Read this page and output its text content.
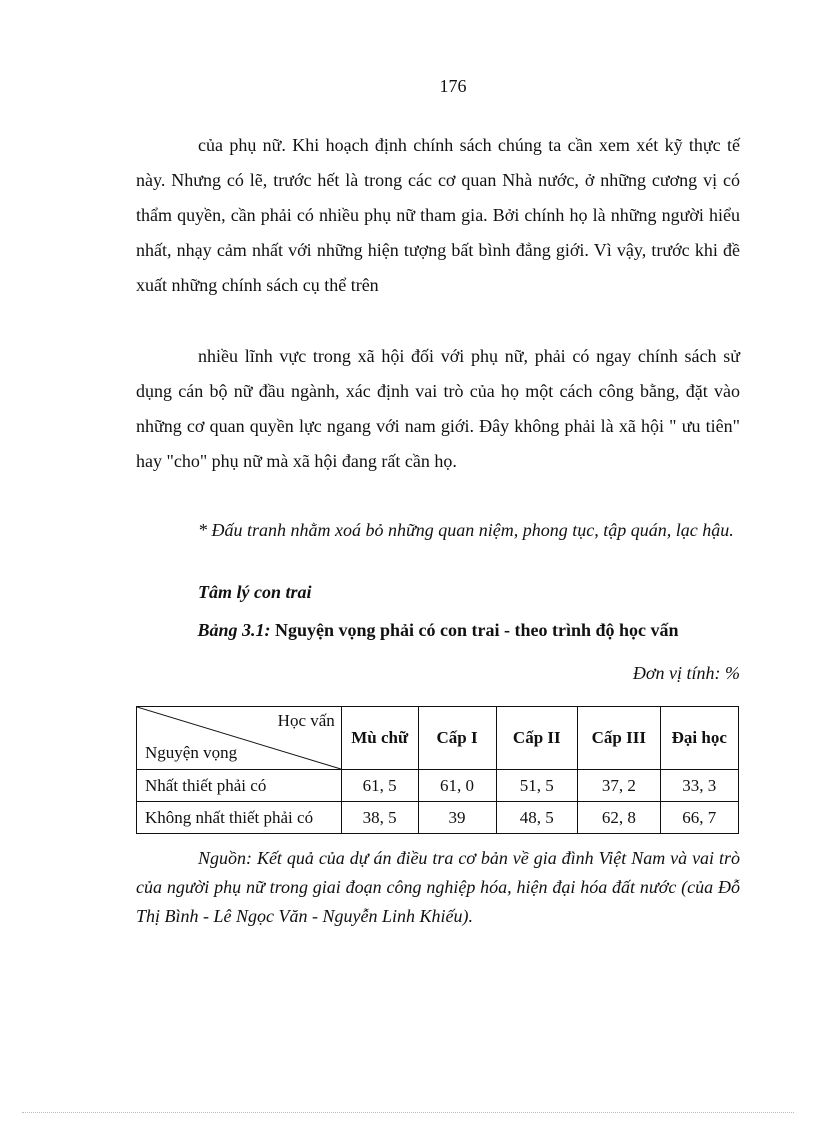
176

của phụ nữ. Khi hoạch định chính sách chúng ta cần xem xét kỹ thực tế này. Nhưng có lẽ, trước hết là trong các cơ quan Nhà nước, ở những cương vị có thẩm quyền, cần phải có nhiều phụ nữ tham gia. Bởi chính họ là những người hiểu nhất, nhạy cảm nhất với những hiện tượng bất bình đẳng giới. Vì vậy, trước khi đề xuất những chính sách cụ thể trên

nhiều lĩnh vực trong xã hội đối với phụ nữ, phải có ngay chính sách sử dụng cán bộ nữ đầu ngành, xác định vai trò của họ một cách công bằng, đặt vào những cơ quan quyền lực ngang với nam giới. Đây không phải là xã hội " ưu tiên" hay "cho" phụ nữ mà xã hội đang rất cần họ.

* Đấu tranh nhằm xoá bỏ những quan niệm, phong tục, tập quán, lạc hậu.

Tâm lý con trai
Bảng 3.1: Nguyện vọng phải có con trai - theo trình độ học vấn
Đơn vị tính: %
Học vấn
Nguyện vọng	Mù chữ	Cấp I	Cấp II	Cấp III	Đại học
Nhất thiết phải có	61, 5	61, 0	51, 5	37, 2	33, 3
Không nhất thiết phải có	38, 5	39	48, 5	62, 8	66, 7

Nguồn: Kết quả của dự án điều tra cơ bản về gia đình Việt Nam và vai trò của người phụ nữ trong giai đoạn công nghiệp hóa, hiện đại hóa đất nước (của Đỗ Thị Bình - Lê Ngọc Văn - Nguyễn Linh Khiếu).
